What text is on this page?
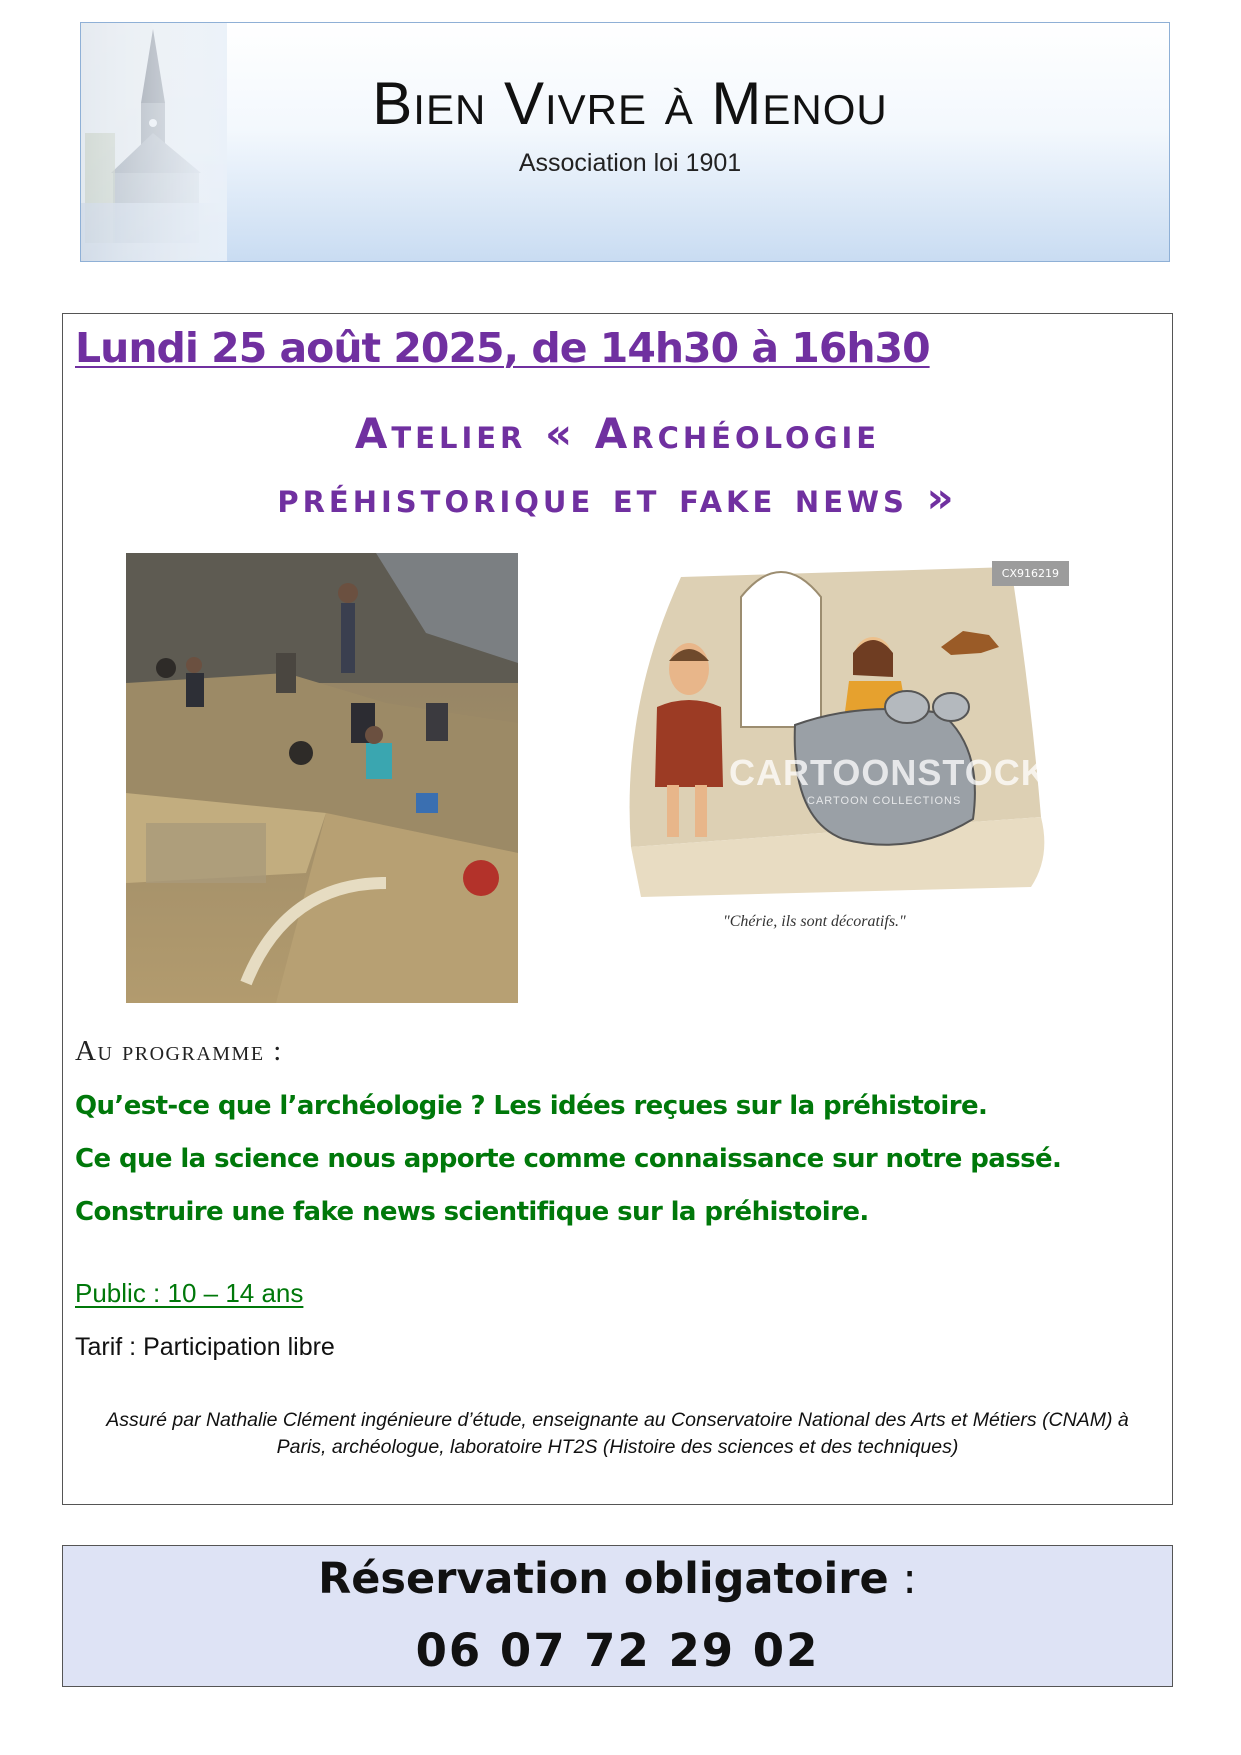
Bien Vivre à Menou
Association loi 1901
Lundi 25 août 2025, de 14h30 à 16h30
Atelier « Archéologie
préhistorique et fake news »
CX916219
CARTOONSTOCK
CARTOON COLLECTIONS
"Chérie, ils sont décoratifs."
Au programme :
Qu’est-ce que l’archéologie ? Les idées reçues sur la préhistoire.
Ce que la science nous apporte comme connaissance sur notre passé.
Construire une fake news scientifique sur la préhistoire.
Public : 10 – 14 ans
Tarif : Participation libre
Assuré par Nathalie Clément ingénieure d’étude, enseignante au Conservatoire National des Arts et Métiers (CNAM) à
Paris, archéologue, laboratoire HT2S (Histoire des sciences et des techniques)
Réservation obligatoire :
06 07 72 29 02
